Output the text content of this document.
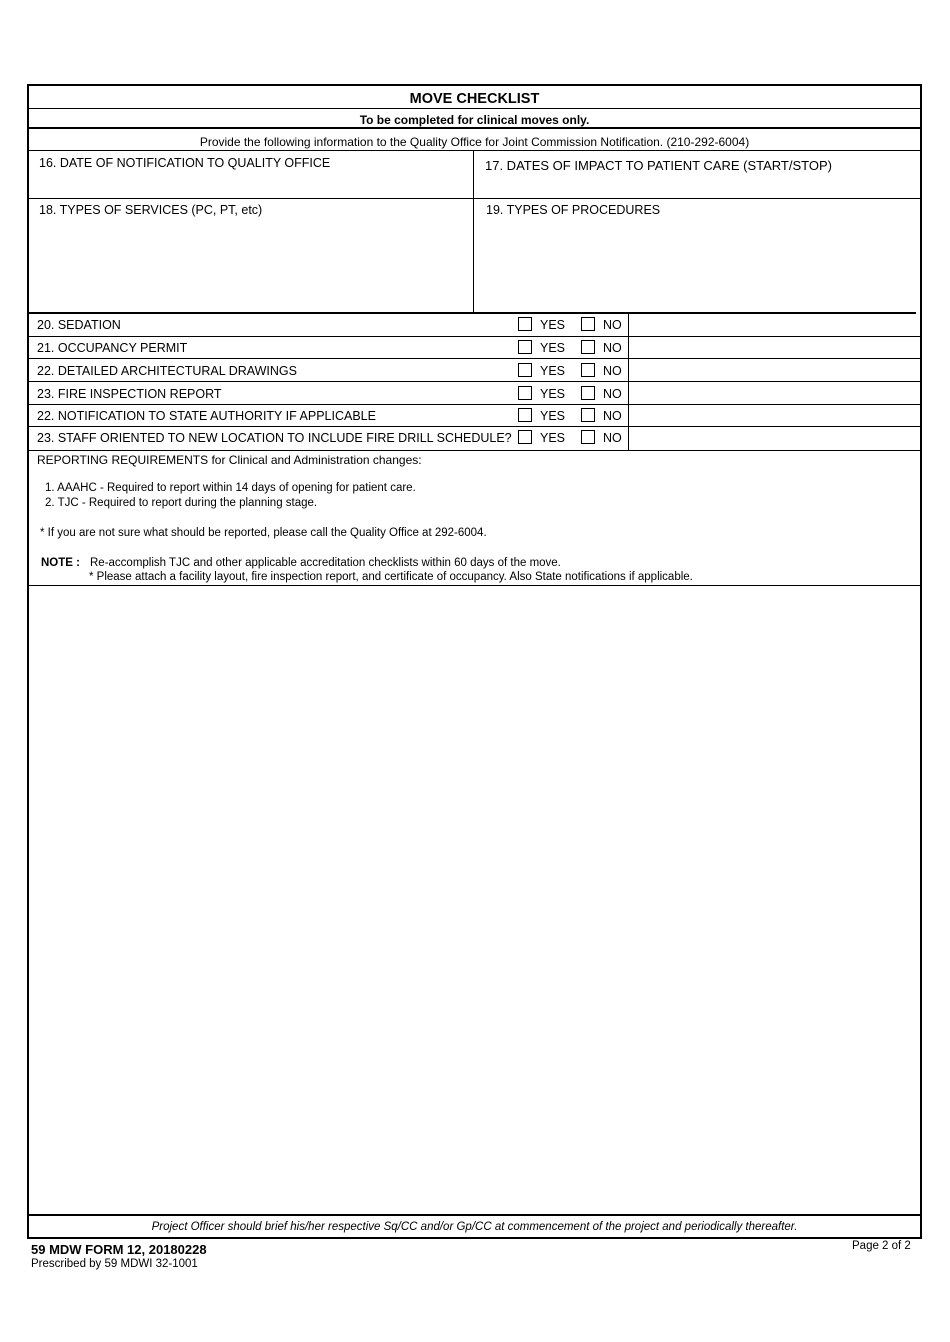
MOVE CHECKLIST
To be completed for clinical moves only.
Provide the following information to the Quality Office for Joint Commission Notification. (210-292-6004)
16. DATE OF NOTIFICATION TO QUALITY OFFICE	17. DATES OF IMPACT TO PATIENT CARE (START/STOP)
18. TYPES OF SERVICES (PC, PT, etc)	19. TYPES OF PROCEDURES
20. SEDATION	YES	NO
21. OCCUPANCY PERMIT	YES	NO
22. DETAILED ARCHITECTURAL DRAWINGS	YES	NO
23. FIRE INSPECTION REPORT	YES	NO
22. NOTIFICATION TO STATE AUTHORITY IF APPLICABLE	YES	NO
23. STAFF ORIENTED TO NEW LOCATION TO INCLUDE FIRE DRILL SCHEDULE? YES	NO
REPORTING REQUIREMENTS for Clinical and Administration changes:
1. AAAHC - Required to report within 14 days of opening for patient care.
2. TJC - Required to report during the planning stage.
* If you are not sure what should be reported, please call the Quality Office at 292-6004.
NOTE : Re-accomplish TJC and other applicable accreditation checklists within 60 days of the move.
* Please attach a facility layout, fire inspection report, and certificate of occupancy. Also State notifications if applicable.
Project Officer should brief his/her respective Sq/CC and/or Gp/CC at commencement of the project and periodically thereafter.
59 MDW FORM 12, 20180228
Prescribed by 59 MDWI 32-1001
Page 2 of 2
